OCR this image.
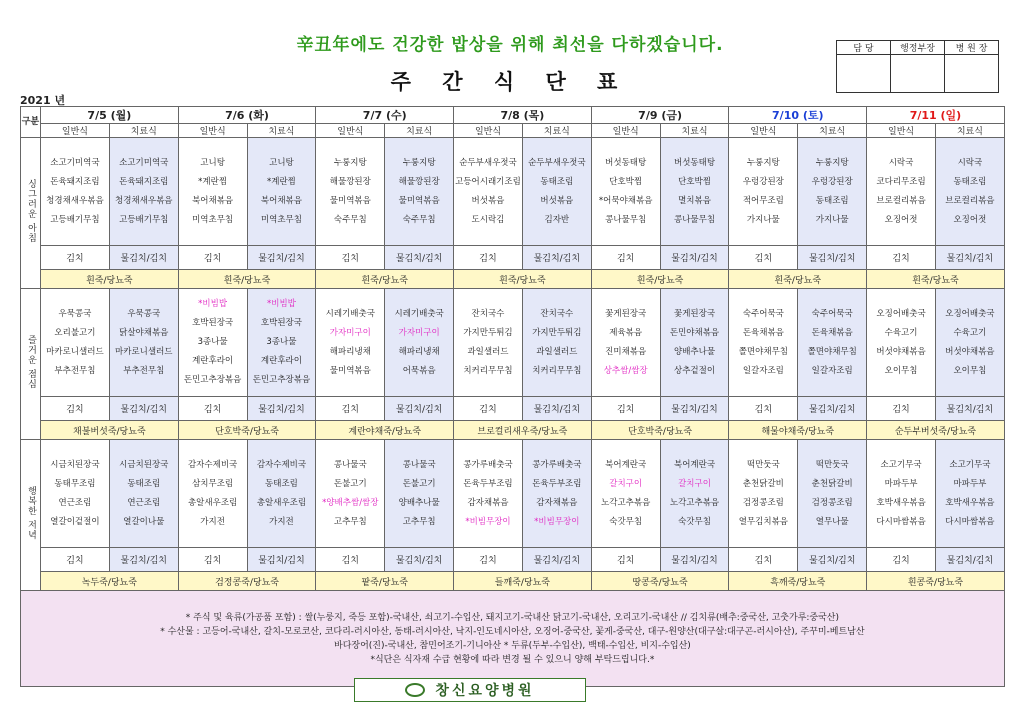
辛丑年에도 건강한 밥상을 위해 최선을 다하겠습니다.
주 간 식 단 표
2021 년
담 당	행정부장	병 원 장

구분	7/5 (월)		7/6 (화)		7/7 (수)		7/8 (목)		7/9 (금)		7/10 (토)		7/11 (일)	
	일반식	치료식	일반식	치료식	일반식	치료식	일반식	치료식	일반식	치료식	일반식	치료식	일반식	치료식
싱그러운 아침	소고기미역국
돈육돼지조림
청경채새우볶음
고등배기무침	소고기미역국
돈육돼지조림
청경채새우볶음
고등배기무침	고니탕
*계란찜
북어채볶음
미역초무침	고니탕
*계란찜
북어채볶음
미역초무침	누룽지탕
해물깡된장
물미역볶음
숙주무침	누룽지탕
해물깡된장
물미역볶음
숙주무침	순두부새우젓국
고등어시래기조림
버섯볶음
도시락김	순두부새우젓국
동태조림
버섯볶음
김자반	버섯동태탕
단호박찜
*어묵야채볶음
콩나물무침	버섯동태탕
단호박찜
멸치볶음
콩나물무침	누룽지탕
우렁강된장
적어무조림
가지나물	누룽지탕
우렁강된장
동태조림
가지나물	시락국
코다리무조림
브로컬리볶음
오징어젓	시락국
동태조림
브로컬리볶음
오징어젓

	김치	물김치/김치	김치	물김치/김치	김치	물김치/김치	김치	물김치/김치	김치	물김치/김치	김치	물김치/김치	김치	물김치/김치
	흰죽/당뇨죽		흰죽/당뇨죽		흰죽/당뇨죽		흰죽/당뇨죽		흰죽/당뇨죽		흰죽/당뇨죽		흰죽/당뇨죽	
즐거운 점심	우묵콩국
오리불고기
마카로니샐러드
부추전무침	우묵콩국
닭살야채볶음
마카로니샐러드
부추전무침	*비빔밥
호박된장국
3종나물
계란후라이
돈민고추장볶음	*비빔밥
호박된장국
3종나물
계란후라이
돈민고추장볶음	시레기배춧국
가자미구이
해파리냉채
물미역볶음	시레기배춧국
가자미구이
해파리냉채
어묵볶음	잔치국수
가지만두튀김
과일샐러드
치커리무무침	잔치국수
가지만두튀김
과일샐러드
치커리무무침	꽃게된장국
제육볶음
진미채볶음
상추쌈/쌈장	꽃게된장국
돈민야채볶음
양배추나물
상추겉절이	숙주어묵국
돈육채볶음
쫄면야채무침
일갈자조림	숙주어묵국
돈육채볶음
쫄면야채무침
일갈자조림	오징어배춧국
수육고기
버섯야채볶음
오이무침	오징어배춧국
수육고기
버섯야채볶음
오이무침

	김치	물김치/김치	김치	물김치/김치	김치	물김치/김치	김치	물김치/김치	김치	물김치/김치	김치	물김치/김치	김치	물김치/김치
	채불버섯죽/당뇨죽		단호박죽/당뇨죽		계란야채죽/당뇨죽		브로컬리새우죽/당뇨죽		단호박죽/당뇨죽		해물야채죽/당뇨죽		순두부버섯죽/당뇨죽	
행복한 저녁	시금치된장국
동태무조림
연근조림
열갈이겉절이	시금치된장국
동태조림
연근조림
열갈이나물	감자수제비국
삼치무조림
총알새우조림
가지전	감자수제비국
동태조림
총알새우조림
가지전	콩나물국
돈불고기
*양배추쌈/쌈장
고추무침	콩나물국
돈불고기
양배추나물
고추무침	콩가루배춧국
돈육두부조림
감자채볶음
*비빔무장이	콩가루배춧국
돈육두부조림
감자채볶음
*비빔무장이	북어계란국
갈치구이
노각고추볶음
숙갓무침	북어계란국
갈치구이
노각고추볶음
숙갓무침	떡만둣국
춘천닭갈비
검정콩조림
열무김치볶음	떡만둣국
춘천닭갈비
검정콩조림
열무나물	소고기무국
마파두부
호박새우볶음
다시마쌈볶음	소고기무국
마파두부
호박새우볶음
다시마쌈볶음

	김치	물김치/김치	김치	물김치/김치	김치	물김치/김치	김치	물김치/김치	김치	물김치/김치	김치	물김치/김치	김치	물김치/김치
	녹두죽/당뇨죽		검정콩죽/당뇨죽		팥죽/당뇨죽		들깨죽/당뇨죽		땅콩죽/당뇨죽		흑깨죽/당뇨죽		흰콩죽/당뇨죽	

* 주식 및 육류(가공품 포함) : 쌀(누룽지, 죽등 포함)-국내산, 쇠고기-수입산, 돼지고기-국내산 닭고기-국내산, 오리고기-국내산 // 김치류(배추:중국산, 고춧가루:중국산)
* 수산물 : 고등어-국내산, 갈치-모로코산, 코다리-러시아산, 동태-러시아산, 낙지-인도네시아산, 오징어-중국산, 꽃게-중국산, 대구-원양산(대구살:대구곤-러시아산), 주꾸미-베트남산
바다장어(진)-국내산, 참민어조기-기니아산 * 두류(두부-수입산), 백태-수입산, 비지-수입산)
*식단은 식자재 수급 현황에 따라 변경 될 수 있으니 양해 부탁드립니다.*														
창신요양병원
